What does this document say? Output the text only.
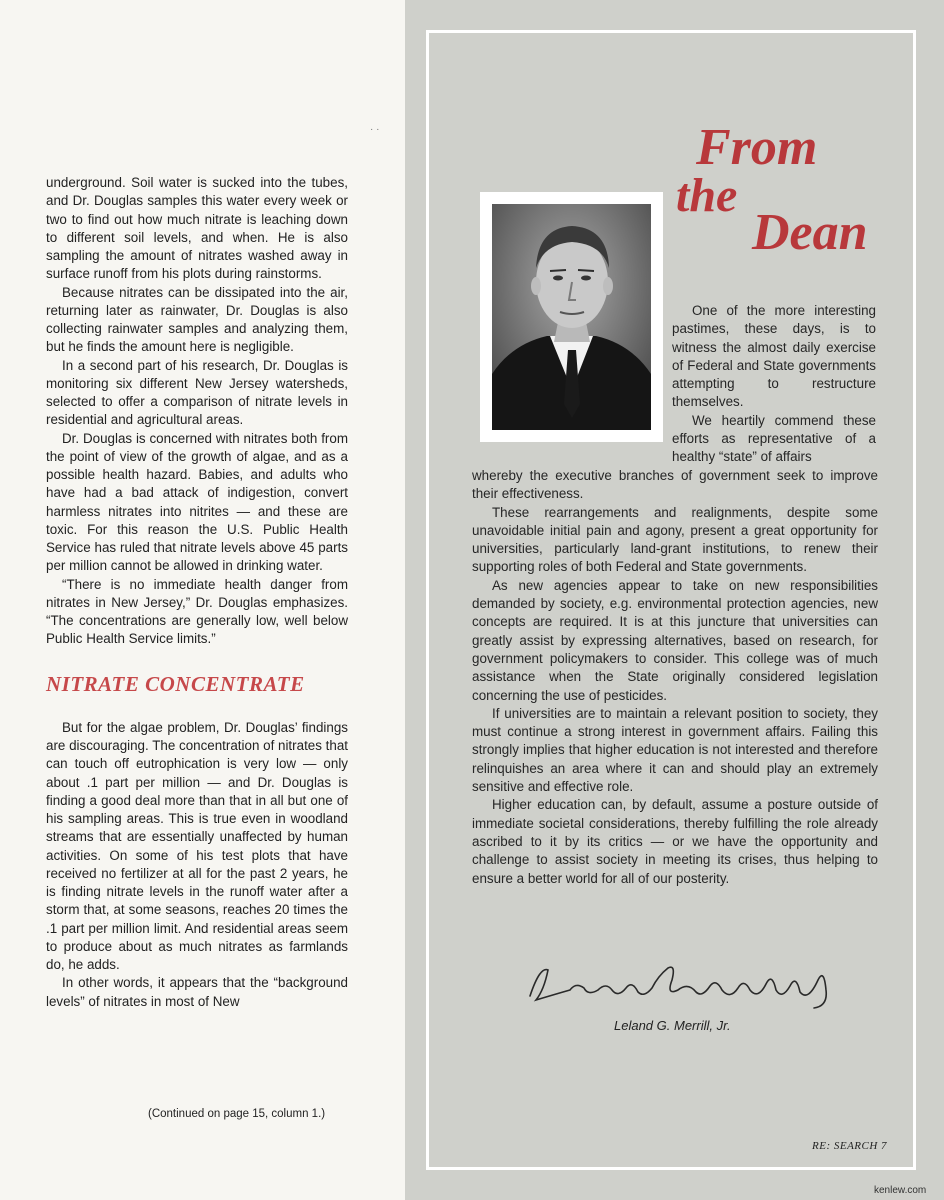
· ·

underground. Soil water is sucked into the tubes, and Dr. Douglas samples this water every week or two to find out how much nitrate is leaching down to different soil levels, and when. He is also sampling the amount of nitrates washed away in surface runoff from his plots during rainstorms.

Because nitrates can be dissipated into the air, returning later as rainwater, Dr. Douglas is also collecting rainwater samples and analyzing them, but he finds the amount here is negligible.

In a second part of his research, Dr. Douglas is monitoring six different New Jersey watersheds, selected to offer a comparison of nitrate levels in residential and agricultural areas.

Dr. Douglas is concerned with nitrates both from the point of view of the growth of algae, and as a possible health hazard. Babies, and adults who have had a bad attack of indigestion, convert harmless nitrates into nitrites — and these are toxic. For this reason the U.S. Public Health Service has ruled that nitrate levels above 45 parts per million cannot be allowed in drinking water.

“There is no immediate health danger from nitrates in New Jersey,” Dr. Douglas emphasizes. “The concentrations are generally low, well below Public Health Service limits.”

NITRATE CONCENTRATE

But for the algae problem, Dr. Douglas’ findings are discouraging. The concentration of nitrates that can touch off eutrophication is very low — only about .1 part per million — and Dr. Douglas is finding a good deal more than that in all but one of his sampling areas. This is true even in woodland streams that are essentially unaffected by human activities. On some of his test plots that have received no fertilizer at all for the past 2 years, he is finding nitrate levels in the runoff water after a storm that, at some seasons, reaches 20 times the .1 part per million limit. And residential areas seem to produce about as much nitrates as farmlands do, he adds.

In other words, it appears that the “background levels” of nitrates in most of New

(Continued on page 15, column 1.)
From
the
Dean

One of the more interesting pastimes, these days, is to witness the almost daily exercise of Federal and State governments attempting to restructure themselves.

We heartily commend these efforts as representative of a healthy “state” of affairs

whereby the executive branches of government seek to improve their effectiveness.

These rearrangements and realignments, despite some unavoidable initial pain and agony, present a great opportunity for universities, particularly land-grant institutions, to renew their supporting roles of both Federal and State governments.

As new agencies appear to take on new responsibilities demanded by society, e.g. environmental protection agencies, new concepts are required. It is at this juncture that universities can greatly assist by expressing alternatives, based on research, for government policymakers to consider. This college was of much assistance when the State originally considered legislation concerning the use of pesticides.

If universities are to maintain a relevant position to society, they must continue a strong interest in government affairs. Failing this strongly implies that higher education is not interested and therefore relinquishes an area where it can and should play an extremely sensitive and effective role.

Higher education can, by default, assume a posture outside of immediate societal considerations, thereby fulfilling the role already ascribed to it by its critics — or we have the opportunity and challenge to assist society in meeting its crises, thus helping to ensure a better world for all of our posterity.

Leland G. Merrill, Jr.
RE: SEARCH 7
kenlew.com
